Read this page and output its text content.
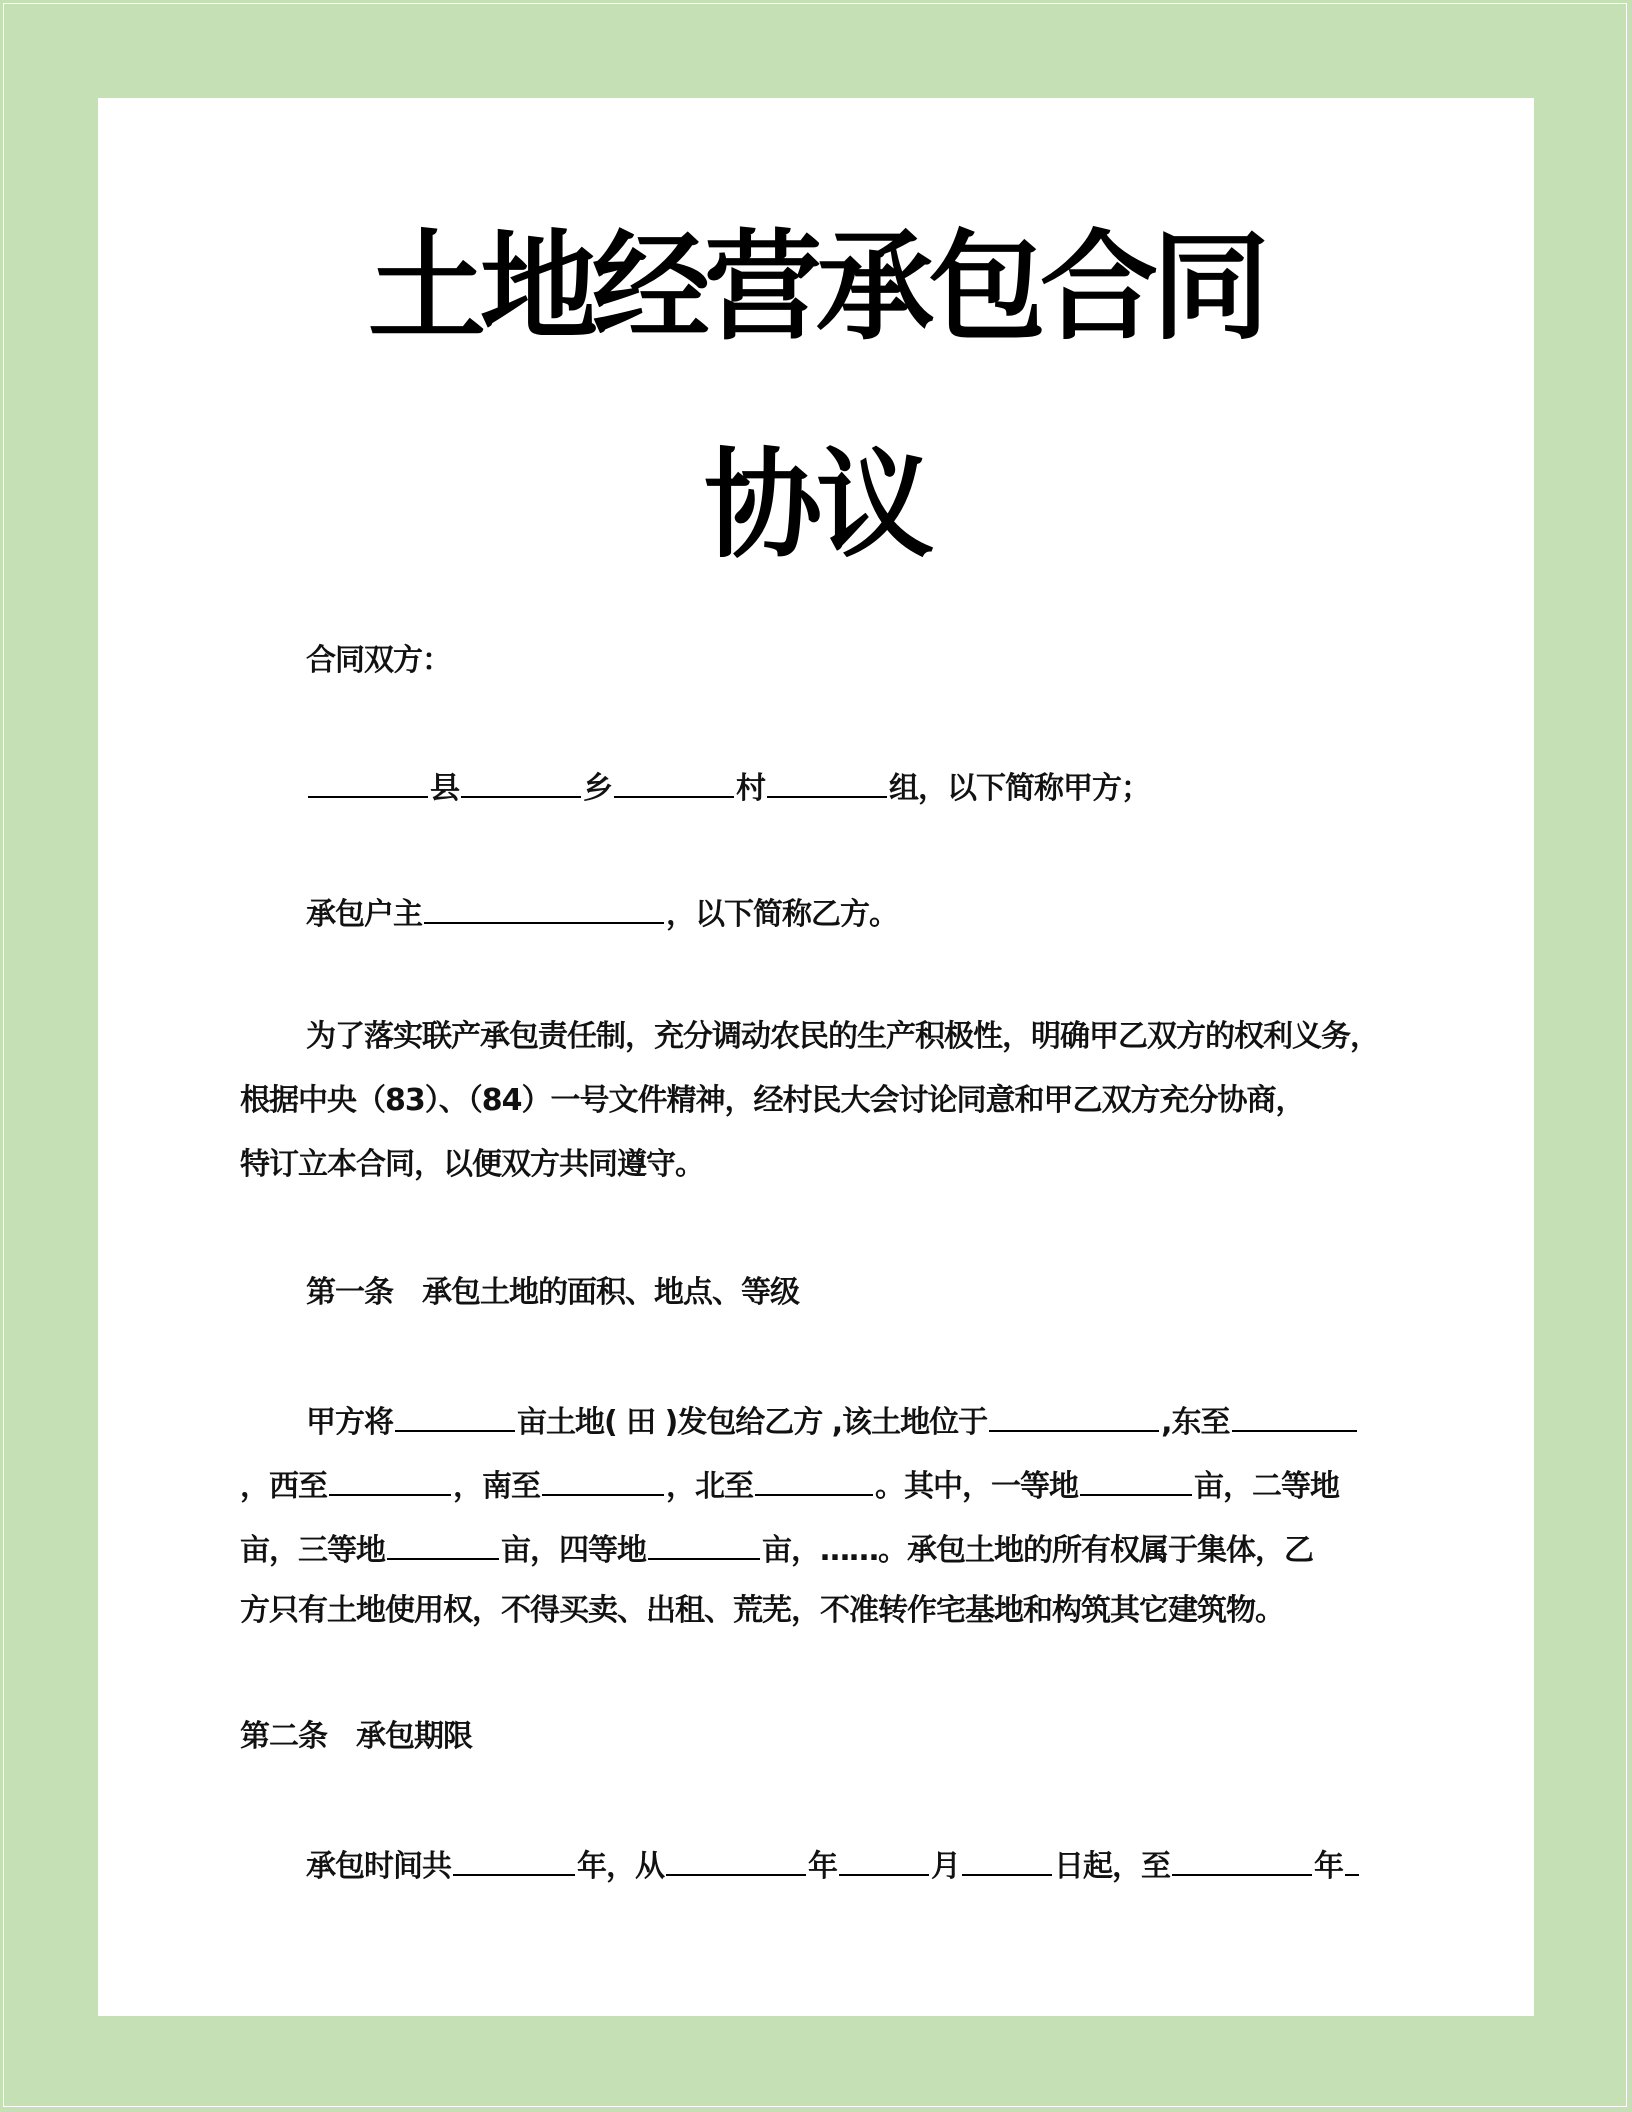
土地经营承包合同
协议
合同双方：
县	乡	村	组，以下简称甲方；
承包户主	，以下简称乙方。
为了落实联产承包责任制，充分调动农民的生产积极性，明确甲乙双方的权利义务，
根据中央（83）、（84）一号文件精神，经村民大会讨论同意和甲乙双方充分协商，
特订立本合同，以便双方共同遵守。
第一条　承包土地的面积、地点、等级
甲方将	亩土地( 田 )发包给乙方 ,该土地位于	,东至
，西至	，南至	，北至	。其中，一等地	亩，二等地
亩，三等地	亩，四等地	亩，……。承包土地的所有权属于集体，乙
方只有土地使用权，不得买卖、出租、荒芜，不准转作宅基地和构筑其它建筑物。
第二条　承包期限
承包时间共	年，从	年	月	日起，至	年
